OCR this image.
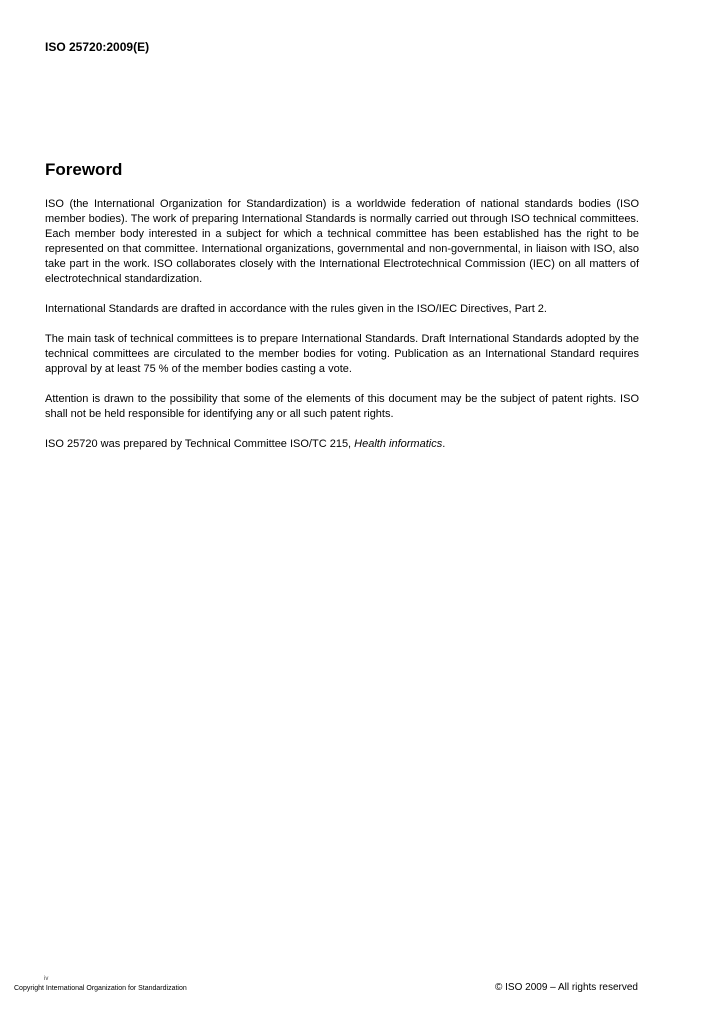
ISO 25720:2009(E)
Foreword

ISO (the International Organization for Standardization) is a worldwide federation of national standards bodies (ISO member bodies). The work of preparing International Standards is normally carried out through ISO technical committees. Each member body interested in a subject for which a technical committee has been established has the right to be represented on that committee. International organizations, governmental and non-governmental, in liaison with ISO, also take part in the work. ISO collaborates closely with the International Electrotechnical Commission (IEC) on all matters of electrotechnical standardization.

International Standards are drafted in accordance with the rules given in the ISO/IEC Directives, Part 2.

The main task of technical committees is to prepare International Standards. Draft International Standards adopted by the technical committees are circulated to the member bodies for voting. Publication as an International Standard requires approval by at least 75 % of the member bodies casting a vote.

Attention is drawn to the possibility that some of the elements of this document may be the subject of patent rights. ISO shall not be held responsible for identifying any or all such patent rights.

ISO 25720 was prepared by Technical Committee ISO/TC 215, Health informatics.

iv
Copyright International Organization for Standardization	© ISO 2009 – All rights reserved
